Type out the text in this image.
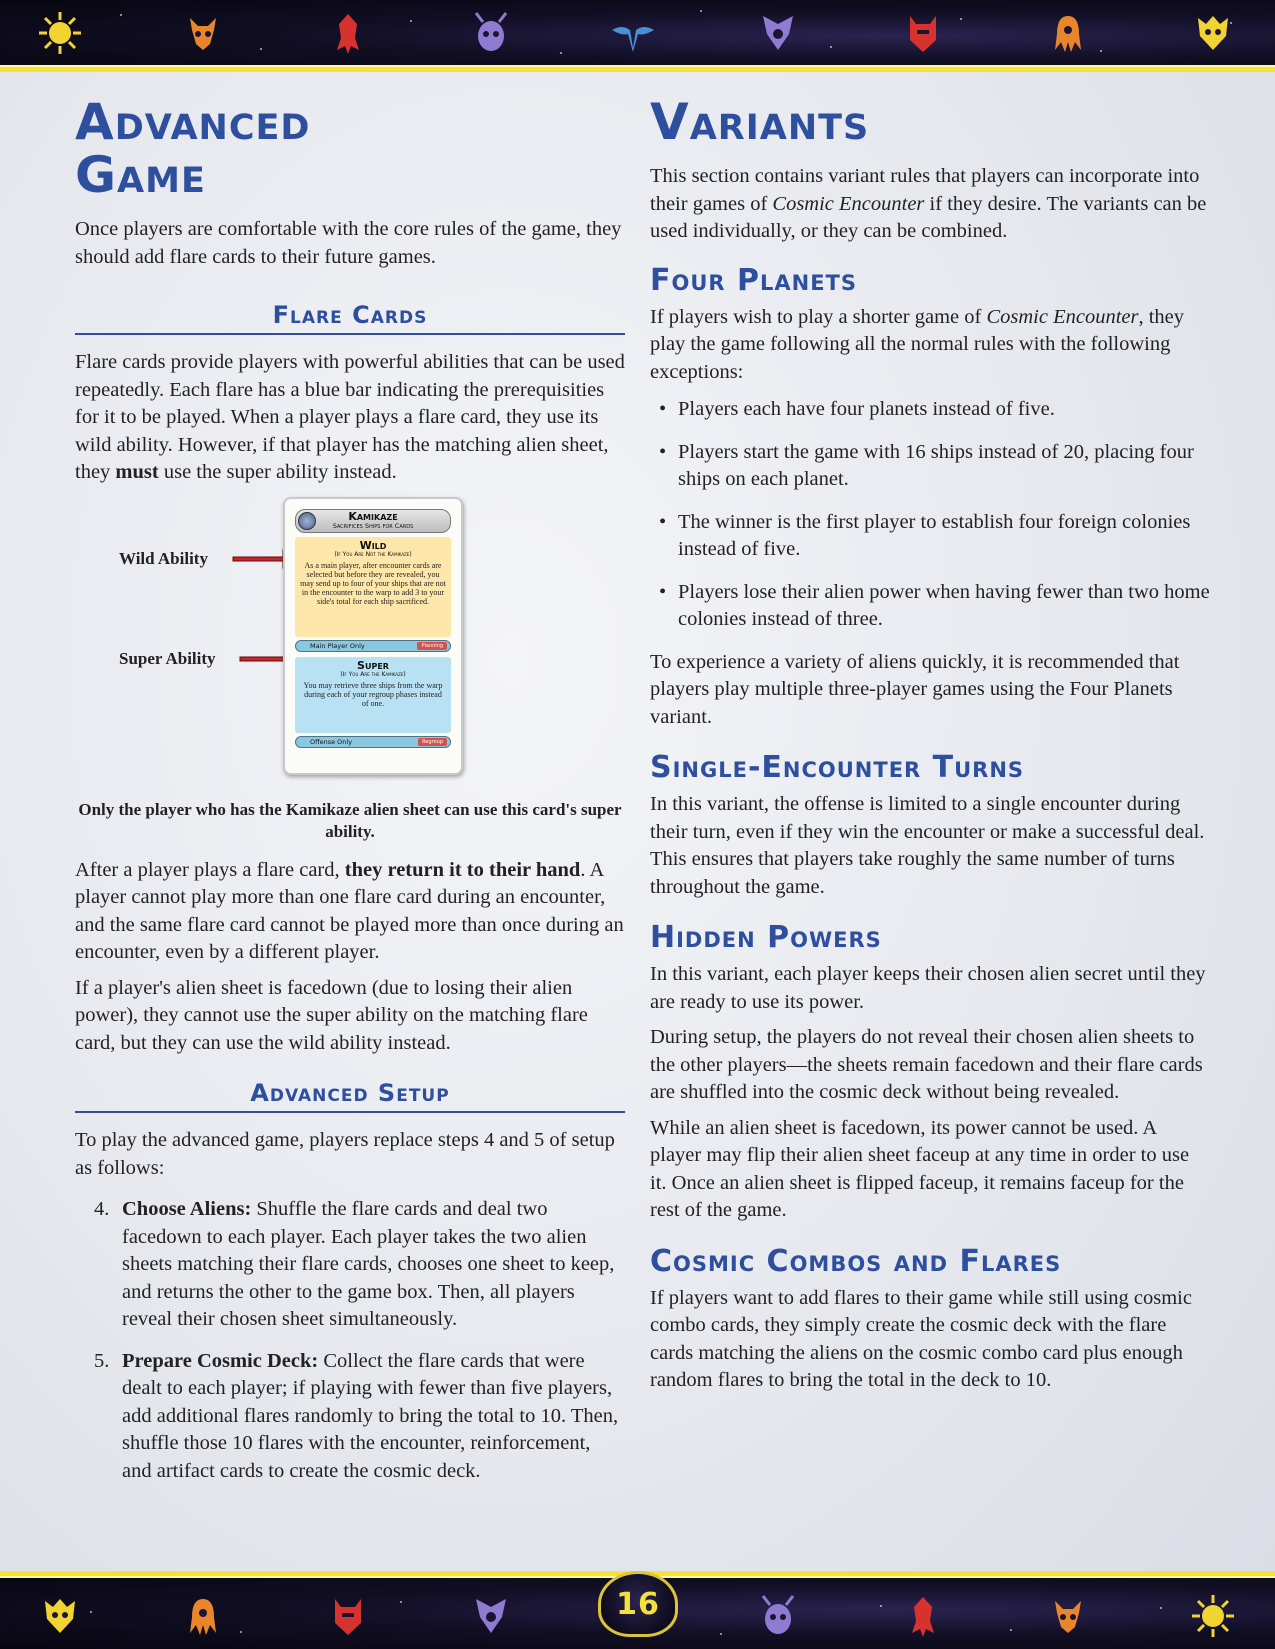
Advanced
Game

Once players are comfortable with the core rules of the game, they should add flare cards to their future games.

Flare Cards

Flare cards provide players with powerful abilities that can be used repeatedly. Each flare has a blue bar indicating the prerequisities for it to be played. When a player plays a flare card, they use its wild ability. However, if that player has the matching alien sheet, they must use the super ability instead.

Wild Ability
Super Ability
Kamikaze
Sacrifices Ships for Cards
Wild
(If You Are Not the Kamikaze)
As a main player, after encounter cards are selected but before they are revealed, you may send up to four of your ships that are not in the encounter to the warp to add 3 to your side's total for each ship sacrificed.
Main Player Only	Planning
Super
(If You Are the Kamikaze)
You may retrieve three ships from the warp during each of your regroup phases instead of one.
Offense Only	Regroup
Only the player who has the Kamikaze alien sheet can use this card's super ability.

After a player plays a flare card, they return it to their hand. A player cannot play more than one flare card during an encounter, and the same flare card cannot be played more than once during an encounter, even by a different player.

If a player's alien sheet is facedown (due to losing their alien power), they cannot use the super ability on the matching flare card, but they can use the wild ability instead.

Advanced Setup

To play the advanced game, players replace steps 4 and 5 of setup as follows:

4. Choose Aliens: Shuffle the flare cards and deal two facedown to each player. Each player takes the two alien sheets matching their flare cards, chooses one sheet to keep, and returns the other to the game box. Then, all players reveal their chosen sheet simultaneously.
5. Prepare Cosmic Deck: Collect the flare cards that were dealt to each player; if playing with fewer than five players, add additional flares randomly to bring the total to 10. Then, shuffle those 10 flares with the encounter, reinforcement, and artifact cards to create the cosmic deck.
Variants

This section contains variant rules that players can incorporate into their games of Cosmic Encounter if they desire. The variants can be used individually, or they can be combined.

Four Planets

If players wish to play a shorter game of Cosmic Encounter, they play the game following all the normal rules with the following exceptions:

• Players each have four planets instead of five.
• Players start the game with 16 ships instead of 20, placing four ships on each planet.
• The winner is the first player to establish four foreign colonies instead of five.
• Players lose their alien power when having fewer than two home colonies instead of three.

To experience a variety of aliens quickly, it is recommended that players play multiple three-player games using the Four Planets variant.

Single-Encounter Turns

In this variant, the offense is limited to a single encounter during their turn, even if they win the encounter or make a successful deal. This ensures that players take roughly the same number of turns throughout the game.

Hidden Powers

In this variant, each player keeps their chosen alien secret until they are ready to use its power.

During setup, the players do not reveal their chosen alien sheets to the other players—the sheets remain facedown and their flare cards are shuffled into the cosmic deck without being revealed.

While an alien sheet is facedown, its power cannot be used. A player may flip their alien sheet faceup at any time in order to use it. Once an alien sheet is flipped faceup, it remains faceup for the rest of the game.

Cosmic Combos and Flares

If players want to add flares to their game while still using cosmic combo cards, they simply create the cosmic deck with the flare cards matching the aliens on the cosmic combo card plus enough random flares to bring the total in the deck to 10.

16
